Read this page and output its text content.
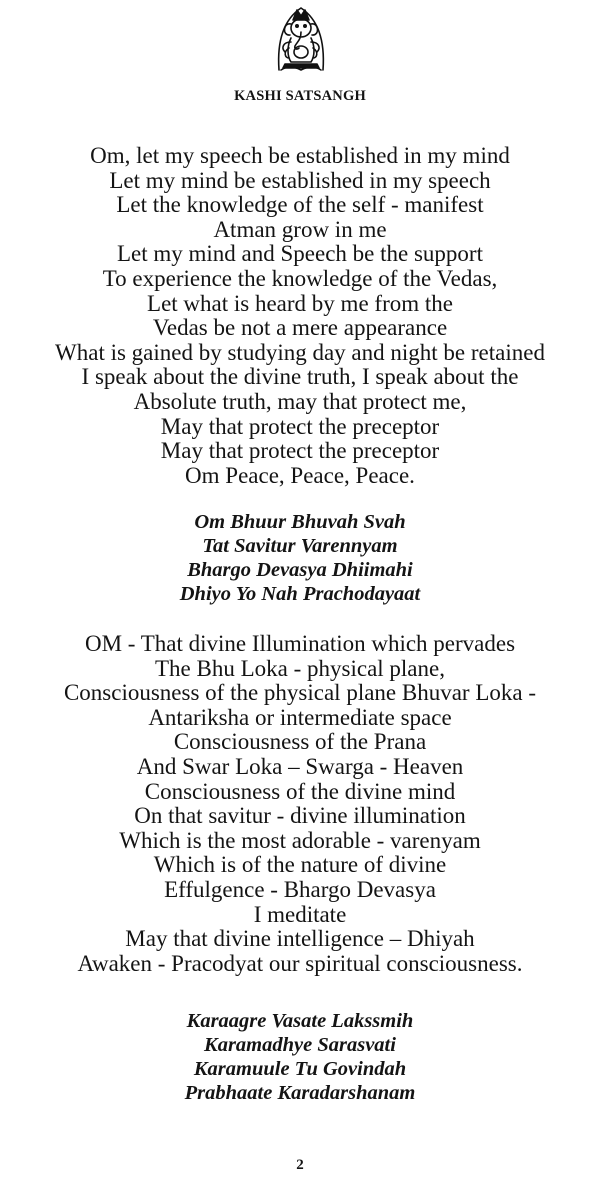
KASHI SATSANGH
Om, let my speech be established in my mind
Let my mind be established in my speech
Let the knowledge of the self - manifest
Atman grow in me
Let my mind and Speech be the support
To experience the knowledge of the Vedas,
Let what is heard by me from the
Vedas be not a mere appearance
What is gained by studying day and night be retained
I speak about the divine truth, I speak about the
Absolute truth, may that protect me,
May that protect the preceptor
May that protect the preceptor
Om Peace, Peace, Peace.
Om Bhuur Bhuvah Svah
Tat Savitur Varennyam
Bhargo Devasya Dhiimahi
Dhiyo Yo Nah Prachodayaat
OM - That divine Illumination which pervades
The Bhu Loka - physical plane,
Consciousness of the physical plane Bhuvar Loka -
Antariksha or intermediate space
Consciousness of the Prana
And Swar Loka – Swarga - Heaven
Consciousness of the divine mind
On that savitur - divine illumination
Which is the most adorable - varenyam
Which is of the nature of divine
Effulgence - Bhargo Devasya
I meditate
May that divine intelligence – Dhiyah
Awaken - Pracodyat our spiritual consciousness.
Karaagre Vasate Lakssmih
Karamadhye Sarasvati
Karamuule Tu Govindah
Prabhaate Karadarshanam
2
